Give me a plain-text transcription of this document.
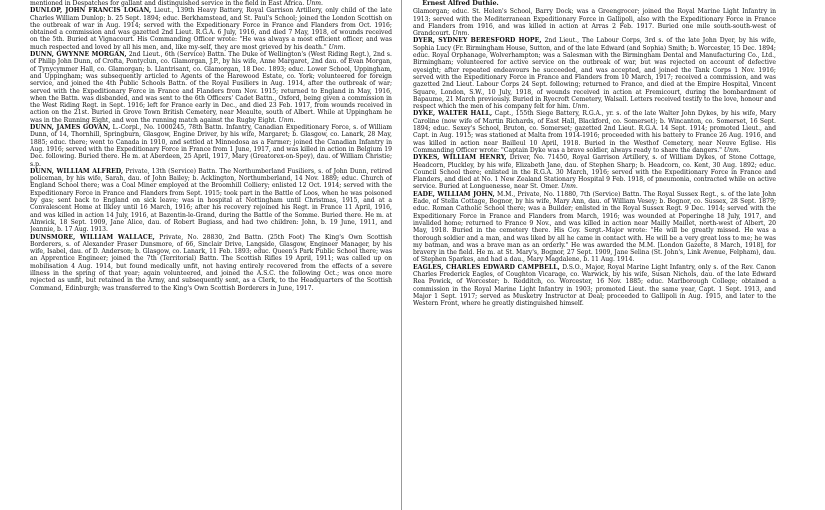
mentioned in Despatches for gallant and distinguished service in the field in East Africa. Unm.

DUNLOP, JOHN FRANCIS LOGAN, Lieut., 139th Heavy Battery, Royal Garrison Artillery, only child of the late Charles William Dunlop; b. 25 Sept. 1894; educ. Berkhamstead, and St. Paul's School; joined the London Scottish on the outbreak of war in Aug. 1914; served with the Expeditionary Force in France and Flanders from Oct. 1916; obtained a commission and was gazetted 2nd Lieut. R.G.A. 6 July, 1916, and died 7 May, 1918, of wounds received on the 5th. Buried at Vignacourt. His Commanding Officer wrote: "He was always a most efficient officer, and was much respected and loved by all his men, and, like my-self, they are most grieved by his death." Unm.

DUNN, GWYNNE MORGAN, 2nd Lieut., 6th (Service) Battn. The Duke of Wellington's (West Riding Regt.), 2nd s. of Philip John Dunn, of Crofta, Pontyclun, co. Glamorgan, J.P., by his wife, Anne Margaret, 2nd dau. of Evan Morgan, of Tynycymmer Hall, co. Glamorgan; b. Llantrisant, co. Glamorgan, 18 Dec. 1893; educ. Lower School, Uppingham, and Uppingham; was subsequently articled to Agents of the Harewood Estate, co. York; volunteered for foreign service, and joined the 4th Public Schools Battn. of the Royal Fusiliers in Aug. 1914, after the outbreak of war; served with the Expeditionary Force in France and Flanders from Nov. 1915; returned to England in May, 1916, when the Battn. was disbanded, and was sent to the 6th Officers' Cadet Battn., Oxford, being given a commission in the West Riding Regt. in Sept. 1916; left for France early in Dec., and died 23 Feb. 1917, from wounds received in action on the 21st. Buried in Grove Town British Cemetery, near Meaulte, south of Albert. While at Uppingham he was in the Running Eight, and won the running match against the Rugby Eight. Unm.

DUNN, JAMES GOVAN, L.-Corpl., No. 1000245, 78th Battn. Infantry, Canadian Expeditionary Force, s. of William Dunn, of 14, Thornhill, Springburn, Glasgow, Engine Driver, by his wife, Margaret; b. Glasgow, co. Lanark, 28 May, 1885; educ. there; went to Canada in 1910, and settled at Minnedosa as a Farmer; joined the Canadian Infantry in Aug. 1916; served with the Expeditionary Force in France from 1 June, 1917, and was killed in action in Belgium 19 Dec. following. Buried there. He m. at Aberdeen, 25 April, 1917, Mary (Greatorex-on-Spey), dau. of William Christie; s.p.

DUNN, WILLIAM ALFRED, Private, 13th (Service) Battn. The Northumberland Fusiliers, s. of John Dunn, retired policeman, by his wife, Sarah, dau. of John Bailey; b. Acklington, Northumberland, 14 Nov. 1889; educ. Church of England School there; was a Coal Miner employed at the Broomhill Colliery; enlisted 12 Oct. 1914; served with the Expeditionary Force in France and Flanders from Sept. 1915; took part in the Battle of Loos, when he was poisoned by gas; sent back to England on sick leave; was in hospital at Nottingham until Christmas, 1915, and at a Convalescent Home at Ilkley until 16 March, 1916; after his recovery rejoined his Regt. in France 11 April, 1916, and was killed in action 14 July, 1916, at Bazentin-le-Grand, during the Battle of the Somme. Buried there. He m. at Alnwick, 18 Sept. 1909, Jane Alice, dau. of Robert Bugiass, and had two children: John, b. 19 June, 1911, and Jeannie, b. 17 Aug. 1913.

DUNSMORE, WILLIAM WALLACE, Private, No. 28830, 2nd Battn. (25th Foot) The King's Own Scottish Borderers, s. of Alexander Fraser Dunsmore, of 66, Sinclair Drive, Langside, Glasgow, Engineer Manager, by his wife, Isabel, dau. of D. Anderson; b. Glasgow, co. Lanark, 11 Feb. 1893; educ. Queen's Park Public School there; was an Apprentice Engineer; joined the 7th (Territorial) Battn. The Scottish Rifles 19 April, 1911; was called up on mobilisation 4 Aug. 1914, but found medically unfit, not having entirely recovered from the effects of a severe illness in the spring of that year; again volunteered, and joined the A.S.C. the following Oct.; was once more rejected as unfit, but retained in the Army, and subsequently sent, as a Clerk, to the Headquarters of the Scottish Command, Edinburgh; was transferred to the King's Own Scottish Borderers in June, 1917.

Ernest Alfred Duthie.

Glamorgan; educ. St. Helen's School, Barry Dock; was a Greengrocer; joined the Royal Marine Light Infantry in 1913; served with the Mediterranean Expeditionary Force in Gallipoli, also with the Expeditionary Force in France and Flanders from 1916, and was killed in action at Arras 2 Feb. 1917. Buried one mile south-south-west of Grandcourt. Unm.

DYER, SYDNEY BERESFORD HOPE, 2nd Lieut., The Labour Corps, 3rd s. of the late John Dyer, by his wife, Sophia Lucy (Fr. Birmingham House, Sutton, and of the late Edward (and Sophia) Smith; b. Worcester, 15 Dec. 1894; educ. Royal Orphanage, Wolverhampton; was a Salesman with the Birmingham Dental and Manufacturing Co., Ltd., Birmingham; volunteered for active service on the outbreak of war, but was rejected on account of defective eyesight; after repeated endeavours he succeeded, and was accepted, and joined the Tank Corps 1 Nov. 1916; served with the Expeditionary Force in France and Flanders from 10 March, 1917; received a commission, and was gazetted 2nd Lieut. Labour Corps 24 Sept. following; returned to France, and died at the Empire Hospital, Vincent Square, London, S.W., 10 July, 1918, of wounds received in action at Fremicourt, during the bombardment of Bapaume, 21 March previously. Buried in Ryecroft Cemetery, Walsall. Letters received testify to the love, honour and respect which the men of his company felt for him. Unm.

DYKE, WALTER HALL, Capt., 155th Siege Battery, R.G.A., yr. s. of the late Walter John Dykes, by his wife, Mary Caroline (now wife of Martin Richards, of East Hall, Blackford, co. Somerset); b. Wincanton, co. Somerset, 16 Sept. 1894; educ. Sexey's School, Bruton, co. Somerset; gazetted 2nd Lieut. R.G.A. 14 Sept. 1914; promoted Lieut., and Capt. in Aug. 1915; was stationed at Malta from 1914-1916; proceeded with his battery to France 26 Aug. 1916, and was killed in action near Bailleul 10 April, 1918. Buried in the Westhof Cemetery, near Neuve Eglise. His Commanding Officer wrote: "Captain Dyke was a brave soldier, always ready to share the dangers." Unm.

DYKES, WILLIAM HENRY, Driver, No. 71450, Royal Garrison Artillery, s. of William Dykes, of Stone Cottage, Headcorn, Pluckley, by his wife, Elizabeth Jane, dau. of Stephen Sharp; b. Headcorn, co. Kent, 30 Aug. 1892; educ. Council School there; enlisted in the R.G.A. 30 March, 1916; served with the Expeditionary Force in France and Flanders, and died at No. 1 New Zealand Stationary Hospital 9 Feb. 1918, of pneumonia, contracted while on active service. Buried at Longuenesse, near St. Omer. Unm.

EADE, WILLIAM JOHN, M.M., Private, No. 11880, 7th (Service) Battn. The Royal Sussex Regt., s. of the late John Eade, of Stella Cottage, Bognor, by his wife, Mary Ann, dau. of William Vesey; b. Bognor, co. Sussex, 28 Sept. 1879; educ. Roman Catholic School there; was a Builder; enlisted in the Royal Sussex Regt. 9 Dec. 1914; served with the Expeditionary Force in France and Flanders from March, 1916; was wounded at Poperinghe 18 July, 1917, and invalided home; returned to France 9 Nov., and was killed in action near Mailly Maillet, north-west of Albert, 20 May, 1918. Buried in the cemetery there. His Coy. Sergt.-Major wrote: "He will be greatly missed. He was a thorough soldier and a man, and was liked by all he came in contact with. He will be a very great loss to me; he was my batman, and was a brave man as an orderly." He was awarded the M.M. [London Gazette, 8 March, 1918], for bravery in the field. He m. at St. Mary's, Bognor, 27 Sept. 1909, Jane Selina (St. John's, Link Avenue, Felpham), dau. of Stephen Sparkes, and had a dau., Mary Magdalene, b. 11 Aug. 1914.

EAGLES, CHARLES EDWARD CAMPBELL, D.S.O., Major, Royal Marine Light Infantry, only s. of the Rev. Canon Charles Frederick Eagles, of Coughton Vicarage, co. Warwick, by his wife, Susan Nichols, dau. of the late Edward Rea Powick, of Worcester; b. Redditch, co. Worcester, 16 Nov. 1885; educ. Marlborough College; obtained a commission in the Royal Marine Light Infantry in 1903; promoted Lieut. the same year, Capt. 1 Sept. 1913, and Major 1 Sept. 1917; served as Musketry Instructor at Deal; proceeded to Gallipoli in Aug. 1915, and later to the Western Front, where he greatly distinguished himself.
